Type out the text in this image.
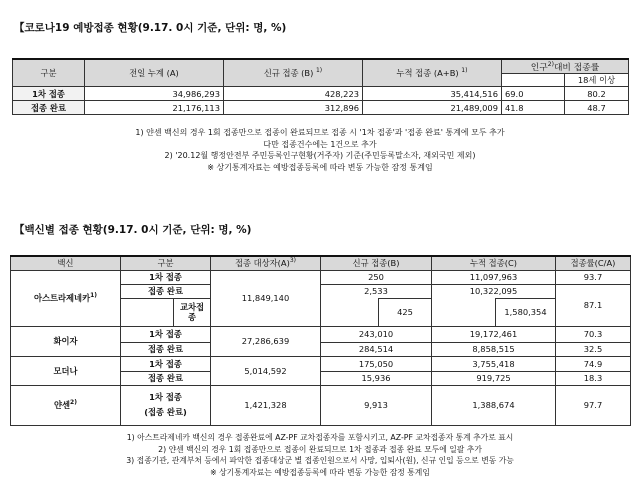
【코로나19 예방접종 현황(9.17. 0시 기준, 단위: 명, %)
구분	전일 누계 (A)	신규 접종 (B) $^{1)}$	누적 접종 (A+B) $^{1)}$	인구$^{2)}$대비 접종률	
					18세 이상
1차 접종	34,986,293	428,223	35,414,516	69.0	80.2
접종 완료	21,176,113	312,896	21,489,009	41.8	48.7
1) 얀센 백신의 경우 1회 접종만으로 접종이 완료되므로 접종 시 '1차 접종'과 '접종 완료' 통계에 모두 추가
다만 접종건수에는 1건으로 추가
2) '20.12월 행정안전부 주민등록인구현황(거주자) 기준(주민등록말소자, 재외국민 제외)
※ 상기통계자료는 예방접종등록에 따라 변동 가능한 잠정 통계임
【백신별 접종 현황(9.17. 0시 기준, 단위: 명, %)
백신	구분		접종 대상자$(A)^{3)}$	신규 접종(B)		누적 접종(C)		접종률(C/A)
아스트라제네카$^{1)}$	1차 접종		11,849,140	250		11,097,963		93.7
	접종 완료			2,533		10,322,095		87.1
		교차접종			425		1,580,354	
화이자	1차 접종		27,286,639	243,010		19,172,461		70.3
	접종 완료			284,514		8,858,515		32.5
모더나	1차 접종		5,014,592	175,050		3,755,418		74.9
	접종 완료			15,936		919,725		18.3
얀센$^{2)}$	1차 접종
(접종 완료)		1,421,328	9,913		1,388,674		97.7
1) 아스트라제네카 백신의 경우 접종완료에 AZ-PF 교차접종자를 포함시키고, AZ-PF 교차접종자 통계 추가로 표시
2) 얀센 백신의 경우 1회 접종만으로 접종이 완료되므로 1차 접종과 접종 완료 모두에 일괄 추가
3) 접종기관, 관계부처 등에서 파악한 접종대상군 별 접종인원으로서 사망, 입퇴사(원), 신규 인입 등으로 변동 가능
※ 상기통계자료는 예방접종등록에 따라 변동 가능한 잠정 통계임
